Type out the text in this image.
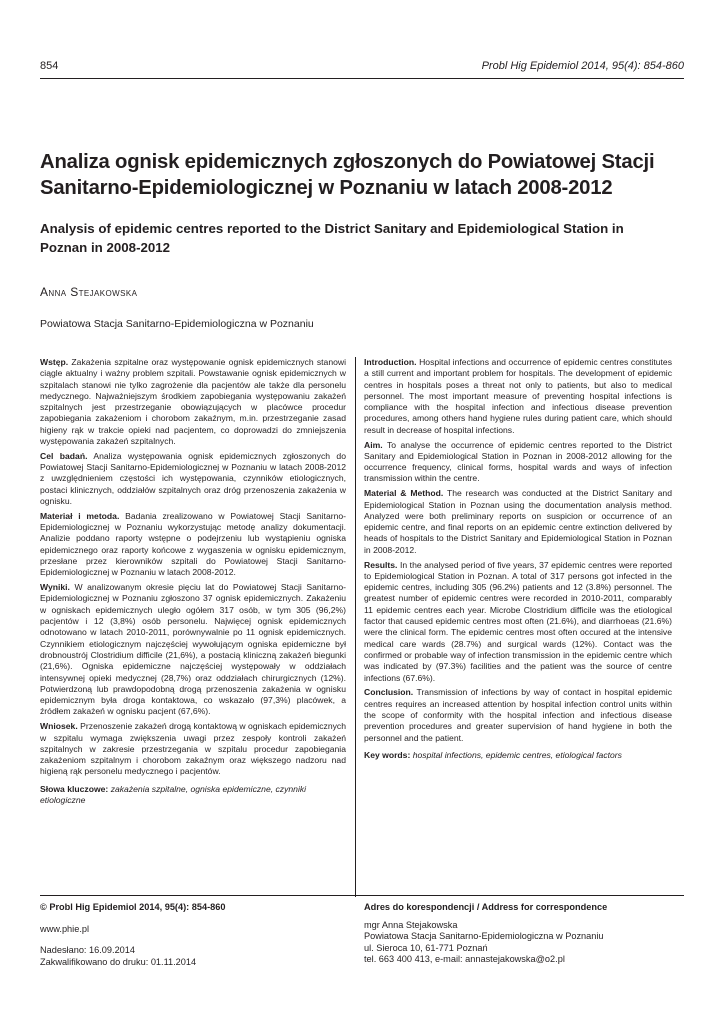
854	Probl Hig Epidemiol 2014, 95(4): 854-860
Analiza ognisk epidemicznych zgłoszonych do Powiatowej Stacji Sanitarno-Epidemiologicznej w Poznaniu w latach 2008-2012
Analysis of epidemic centres reported to the District Sanitary and Epidemiological Station in Poznan in 2008-2012
Anna Stejakowska
Powiatowa Stacja Sanitarno-Epidemiologiczna w Poznaniu

Wstęp. Zakażenia szpitalne oraz występowanie ognisk epidemicznych stanowi ciągle aktualny i ważny problem szpitali. Powstawanie ognisk epidemicznych w szpitalach stanowi nie tylko zagrożenie dla pacjentów ale także dla personelu medycznego. Najważniejszym środkiem zapobiegania występowaniu zakażeń szpitalnych jest przestrzeganie obowiązujących w placówce procedur zapobiegania zakażeniom i chorobom zakaźnym, m.in. przestrzeganie zasad higieny rąk w trakcie opieki nad pacjentem, co doprowadzi do zmniejszenia występowania zakażeń szpitalnych.

Cel badań. Analiza występowania ognisk epidemicznych zgłoszonych do Powiatowej Stacji Sanitarno-Epidemiologicznej w Poznaniu w latach 2008-2012 z uwzględnieniem częstości ich występowania, czynników etiologicznych, postaci klinicznych, oddziałów szpitalnych oraz dróg przenoszenia zakażenia w ognisku.

Materiał i metoda. Badania zrealizowano w Powiatowej Stacji Sanitarno-Epidemiologicznej w Poznaniu wykorzystując metodę analizy dokumentacji. Analizie poddano raporty wstępne o podejrzeniu lub wystąpieniu ogniska epidemicznego oraz raporty końcowe z wygaszenia w ognisku epidemicznym, przesłane przez kierowników szpitali do Powiatowej Stacji Sanitarno-Epidemiologicznej w Poznaniu w latach 2008-2012.

Wyniki. W analizowanym okresie pięciu lat do Powiatowej Stacji Sanitarno-Epidemiologicznej w Poznaniu zgłoszono 37 ognisk epidemicznych. Zakażeniu w ogniskach epidemicznych uległo ogółem 317 osób, w tym 305 (96,2%) pacjentów i 12 (3,8%) osób personelu. Najwięcej ognisk epidemicznych odnotowano w latach 2010-2011, porównywalnie po 11 ognisk epidemicznych. Czynnikiem etiologicznym najczęściej wywołującym ogniska epidemiczne był drobnoustrój Clostridium difficile (21,6%), a postacią kliniczną zakażeń biegunki (21,6%). Ogniska epidemiczne najczęściej występowały w oddziałach intensywnej opieki medycznej (28,7%) oraz oddziałach chirurgicznych (12%). Potwierdzoną lub prawdopodobną drogą przenoszenia zakażenia w ognisku epidemicznym była droga kontaktowa, co wskazało (97,3%) placówek, a źródłem zakażeń w ognisku pacjent (67,6%).

Wniosek. Przenoszenie zakażeń drogą kontaktową w ogniskach epidemicznych w szpitalu wymaga zwiększenia uwagi przez zespoły kontroli zakażeń szpitalnych w zakresie przestrzegania w szpitalu procedur zapobiegania zakażeniom szpitalnym i chorobom zakaźnym oraz większego nadzoru nad higieną rąk personelu medycznego i pacjentów.

Słowa kluczowe: zakażenia szpitalne, ogniska epidemiczne, czynniki etiologiczne

Introduction. Hospital infections and occurrence of epidemic centres constitutes a still current and important problem for hospitals. The development of epidemic centres in hospitals poses a threat not only to patients, but also to medical personnel. The most important measure of preventing hospital infections is compliance with the hospital infection and infectious disease prevention procedures, among others hand hygiene rules during patient care, which should result in decrease of hospital infections.

Aim. To analyse the occurrence of epidemic centres reported to the District Sanitary and Epidemiological Station in Poznan in 2008-2012 allowing for the occurrence frequency, clinical forms, hospital wards and ways of infection transmission within the centre.

Material & Method. The research was conducted at the District Sanitary and Epidemiological Station in Poznan using the documentation analysis method. Analyzed were both preliminary reports on suspicion or occurrence of an epidemic centre, and final reports on an epidemic centre extinction delivered by heads of hospitals to the District Sanitary and Epidemiological Station in Poznan in 2008-2012.

Results. In the analysed period of five years, 37 epidemic centres were reported to Epidemiological Station in Poznan. A total of 317 persons got infected in the epidemic centres, including 305 (96.2%) patients and 12 (3.8%) personnel. The greatest number of epidemic centres were recorded in 2010-2011, comparably 11 epidemic centres each year. Microbe Clostridium difficile was the etiological factor that caused epidemic centres most often (21.6%), and diarrhoeas (21.6%) were the clinical form. The epidemic centres most often occured at the intensive medical care wards (28.7%) and surgical wards (12%). Contact was the confirmed or probable way of infection transmission in the epidemic centre which was indicated by (97.3%) facilities and the patient was the source of centre infections (67.6%).

Conclusion. Transmission of infections by way of contact in hospital epidemic centres requires an increased attention by hospital infection control units within the scope of conformity with the hospital infection and infectious disease prevention procedures and greater supervision of hand hygiene in both the personnel and the patient.

Key words: hospital infections, epidemic centres, etiological factors

© Probl Hig Epidemiol 2014, 95(4): 854-860

www.phie.pl

Nadesłano: 16.09.2014

Zakwalifikowano do druku: 01.11.2014

Adres do korespondencji / Address for correspondence

mgr Anna Stejakowska

Powiatowa Stacja Sanitarno-Epidemiologiczna w Poznaniu

ul. Sieroca 10, 61-771 Poznań

tel. 663 400 413, e-mail: annastejakowska@o2.pl
